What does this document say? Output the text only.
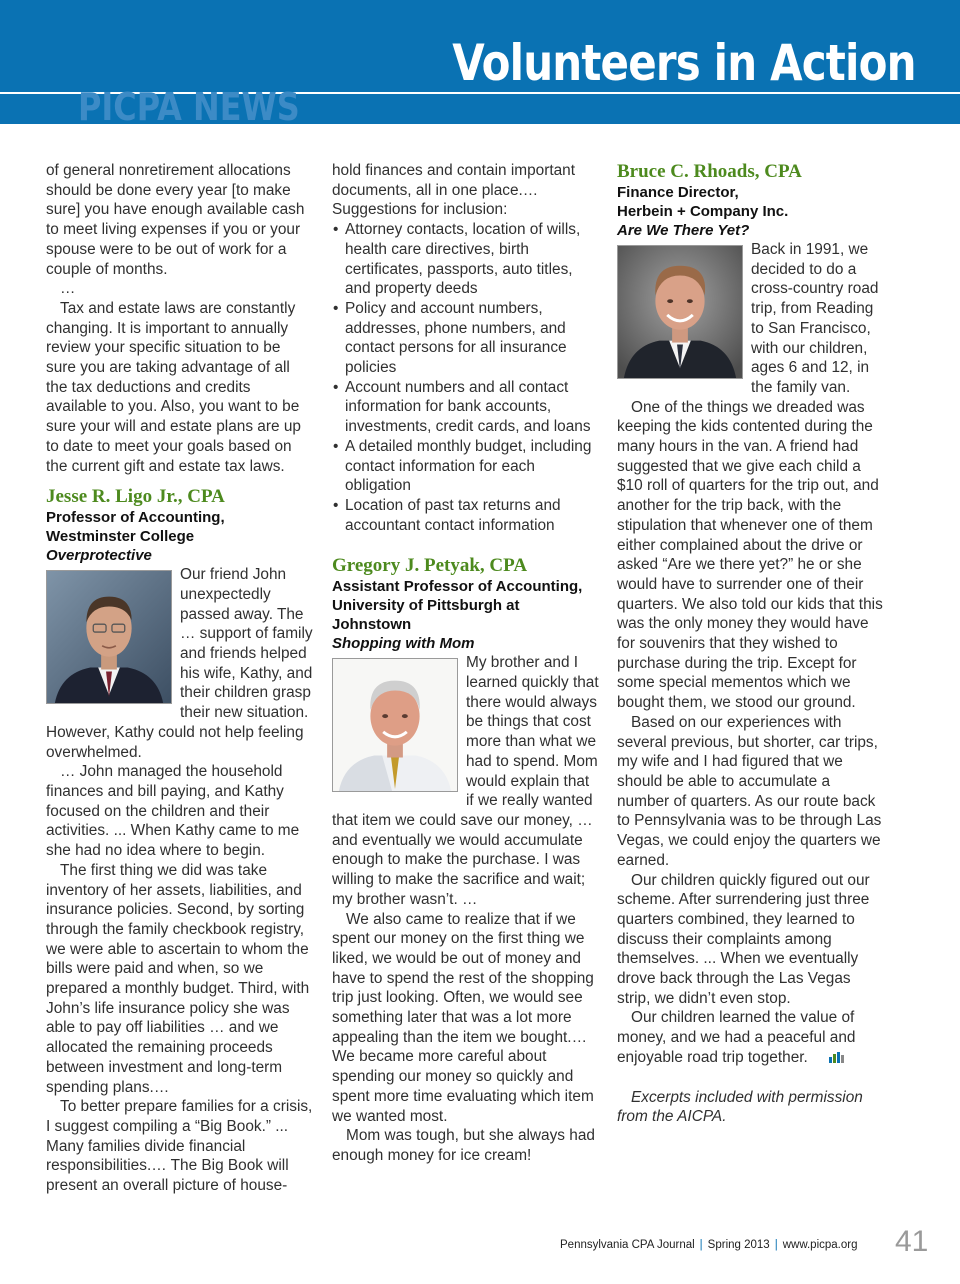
Volunteers in Action
PICPA NEWS

of general nonretirement allocations should be done every year [to make sure] you have enough available cash to meet living expenses if you or your spouse were to be out of work for a couple of months.

…

Tax and estate laws are constantly changing. It is important to annually review your specific situation to be sure you are taking advantage of all the tax deductions and credits available to you. Also, you want to be sure your will and estate plans are up to date to meet your goals based on the current gift and estate tax laws.

Jesse R. Ligo Jr., CPA

Professor of Accounting,

Westminster College

Overprotective

Our friend John unexpectedly passed away. The … support of family and friends helped his wife, Kathy, and their children grasp their new situation. However, Kathy could not help feeling overwhelmed.

… John managed the household finances and bill paying, and Kathy focused on the children and their activities. ... When Kathy came to me she had no idea where to begin.

The first thing we did was take inventory of her assets, liabilities, and insurance policies. Second, by sorting through the family checkbook registry, we were able to ascertain to whom the bills were paid and when, so we prepared a monthly budget. Third, with John’s life insurance policy she was able to pay off liabilities … and we allocated the remaining proceeds between investment and long-term spending plans.…

To better prepare families for a crisis, I suggest compiling a “Big Book.” ... Many families divide financial responsibilities.… The Big Book will present an overall picture of house-

hold finances and contain important documents, all in one place.…

Suggestions for inclusion:

• Attorney contacts, location of wills, health care directives, birth certificates, passports, auto titles, and property deeds
• Policy and account numbers, addresses, phone numbers, and contact persons for all insurance policies
• Account numbers and all contact information for bank accounts, investments, credit cards, and loans
• A detailed monthly budget, including contact information for each obligation
• Location of past tax returns and accountant contact information

Gregory J. Petyak, CPA

Assistant Professor of Accounting,

University of Pittsburgh at

Johnstown

Shopping with Mom

My brother and I learned quickly that there would always be things that cost more than what we had to spend. Mom would explain that if we really wanted that item we could save our money, … and eventually we would accumulate enough to make the purchase. I was willing to make the sacrifice and wait; my brother wasn’t. …

We also came to realize that if we spent our money on the first thing we liked, we would be out of money and have to spend the rest of the shopping trip just looking. Often, we would see something later that was a lot more appealing than the item we bought.… We became more careful about spending our money so quickly and spent more time evaluating which item we wanted most.

Mom was tough, but she always had enough money for ice cream!

Bruce C. Rhoads, CPA

Finance Director,

Herbein + Company Inc.

Are We There Yet?

Back in 1991, we decided to do a cross-country road trip, from Reading to San Francisco, with our children, ages 6 and 12, in the family van.

One of the things we dreaded was keeping the kids contented during the many hours in the van. A friend had suggested that we give each child a $10 roll of quarters for the trip out, and another for the trip back, with the stipulation that whenever one of them either complained about the drive or asked “Are we there yet?” he or she would have to surrender one of their quarters. We also told our kids that this was the only money they would have for souvenirs that they wished to purchase during the trip. Except for some special mementos which we bought them, we stood our ground.

Based on our experiences with several previous, but shorter, car trips, my wife and I had figured that we should be able to accumulate a number of quarters. As our route back to Pennsylvania was to be through Las Vegas, we could enjoy the quarters we earned.

Our children quickly figured out our scheme. After surrendering just three quarters combined, they learned to discuss their complaints among themselves. ... When we eventually drove back through the Las Vegas strip, we didn’t even stop.

Our children learned the value of money, and we had a peaceful and enjoyable road trip together.

Excerpts included with permission from the AICPA.

Pennsylvania CPA Journal | Spring 2013 | www.picpa.org 41
